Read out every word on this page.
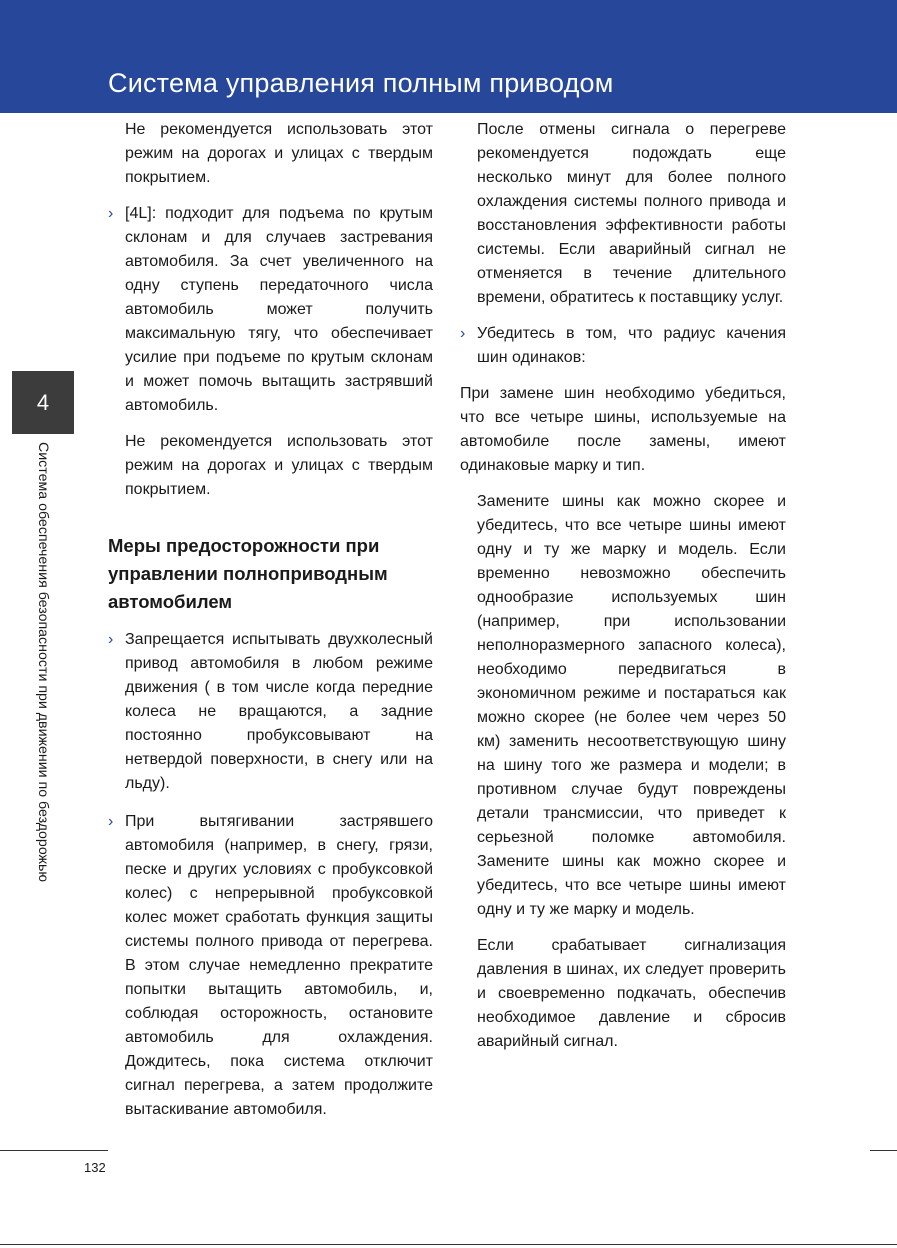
Система управления полным приводом
4
Система обеспечения безопасности при движении по бездорожью

Не рекомендуется использовать этот режим на дорогах и улицах с твердым покрытием.

› [4L]: подходит для подъема по крутым склонам и для случаев застревания автомобиля. За счет увеличенного на одну ступень передаточного числа автомобиль может получить максимальную тягу, что обеспечивает усилие при подъеме по крутым склонам и может помочь вытащить застрявший автомобиль.

Не рекомендуется использовать этот режим на дорогах и улицах с твердым покрытием.

Меры предосторожности при управлении полноприводным автомобилем

› Запрещается испытывать двухколесный привод автомобиля в любом режиме движения ( в том числе когда передние колеса не вращаются, а задние постоянно пробуксовывают на нетвердой поверхности, в снегу или на льду).

› При вытягивании застрявшего автомобиля (например, в снегу, грязи, песке и других условиях с пробуксовкой колес) с непрерывной пробуксовкой колес может сработать функция защиты системы полного привода от перегрева. В этом случае немедленно прекратите попытки вытащить автомобиль, и, соблюдая осторожность, остановите автомобиль для охлаждения. Дождитесь, пока система отключит сигнал перегрева, а затем продолжите вытаскивание автомобиля.

После отмены сигнала о перегреве рекомендуется подождать еще несколько минут для более полного охлаждения системы полного привода и восстановления эффективности работы системы. Если аварийный сигнал не отменяется в течение длительного времени, обратитесь к поставщику услуг.

› Убедитесь в том, что радиус качения шин одинаков:

При замене шин необходимо убедиться, что все четыре шины, используемые на автомобиле после замены, имеют одинаковые марку и тип.

Замените шины как можно скорее и убедитесь, что все четыре шины имеют одну и ту же марку и модель. Если временно невозможно обеспечить однообразие используемых шин (например, при использовании неполноразмерного запасного колеса), необходимо передвигаться в экономичном режиме и постараться как можно скорее (не более чем через 50 км) заменить несоответствующую шину на шину того же размера и модели; в противном случае будут повреждены детали трансмиссии, что приведет к серьезной поломке автомобиля. Замените шины как можно скорее и убедитесь, что все четыре шины имеют одну и ту же марку и модель.

Если срабатывает сигнализация давления в шинах, их следует проверить и своевременно подкачать, обеспечив необходимое давление и сбросив аварийный сигнал.

132
